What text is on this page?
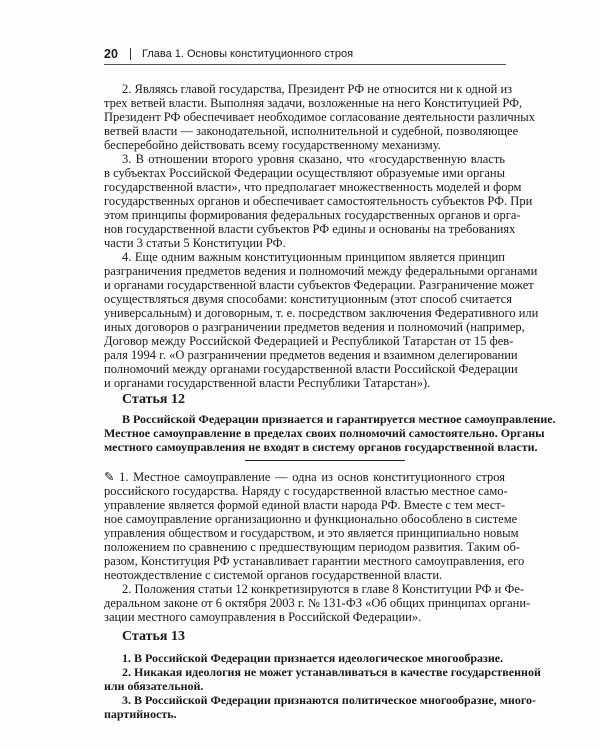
20 Глава 1. Основы конституционного строя
2. Являясь главой государства, Президент РФ не относится ни к одной из
трех ветвей власти. Выполняя задачи, возложенные на него Конституцией РФ,
Президент РФ обеспечивает необходимое согласование деятельности различных
ветвей власти — законодательной, исполнительной и судебной, позволяющее
бесперебойно действовать всему государственному механизму.
3. В отношении второго уровня сказано, что «государственную власть
в субъектах Российской Федерации осуществляют образуемые ими органы
государственной власти», что предполагает множественность моделей и форм
государственных органов и обеспечивает самостоятельность субъектов РФ. При
этом принципы формирования федеральных государственных органов и орга-
нов государственной власти субъектов РФ едины и основаны на требованиях
части 3 статьи 5 Конституции РФ.
4. Еще одним важным конституционным принципом является принцип
разграничения предметов ведения и полномочий между федеральными органами
и органами государственной власти субъектов Федерации. Разграничение может
осуществляться двумя способами: конституционным (этот способ считается
универсальным) и договорным, т. е. посредством заключения Федеративного или
иных договоров о разграничении предметов ведения и полномочий (например,
Договор между Российской Федерацией и Республикой Татарстан от 15 фев-
раля 1994 г. «О разграничении предметов ведения и взаимном делегировании
полномочий между органами государственной власти Российской Федерации
и органами государственной власти Республики Татарстан»).
Статья 12
В Российской Федерации признается и гарантируется местное самоуправление.
Местное самоуправление в пределах своих полномочий самостоятельно. Органы
местного самоуправления не входят в систему органов государственной власти.
✎ 1. Местное самоуправление — одна из основ конституционного строя
российского государства. Наряду с государственной властью местное само-
управление является формой единой власти народа РФ. Вместе с тем мест-
ное самоуправление организационно и функционально обособлено в системе
управления обществом и государством, и это является принципиально новым
положением по сравнению с предшествующим периодом развития. Таким об-
разом, Конституция РФ устанавливает гарантии местного самоуправления, его
неотождествление с системой органов государственной власти.
2. Положения статьи 12 конкретизируются в главе 8 Конституции РФ и Фе-
деральном законе от 6 октября 2003 г. № 131-ФЗ «Об общих принципах органи-
зации местного самоуправления в Российской Федерации».
Статья 13
1. В Российской Федерации признается идеологическое многообразие.
2. Никакая идеология не может устанавливаться в качестве государственной
или обязательной.
3. В Российской Федерации признаются политическое многообразие, много-
партийность.
